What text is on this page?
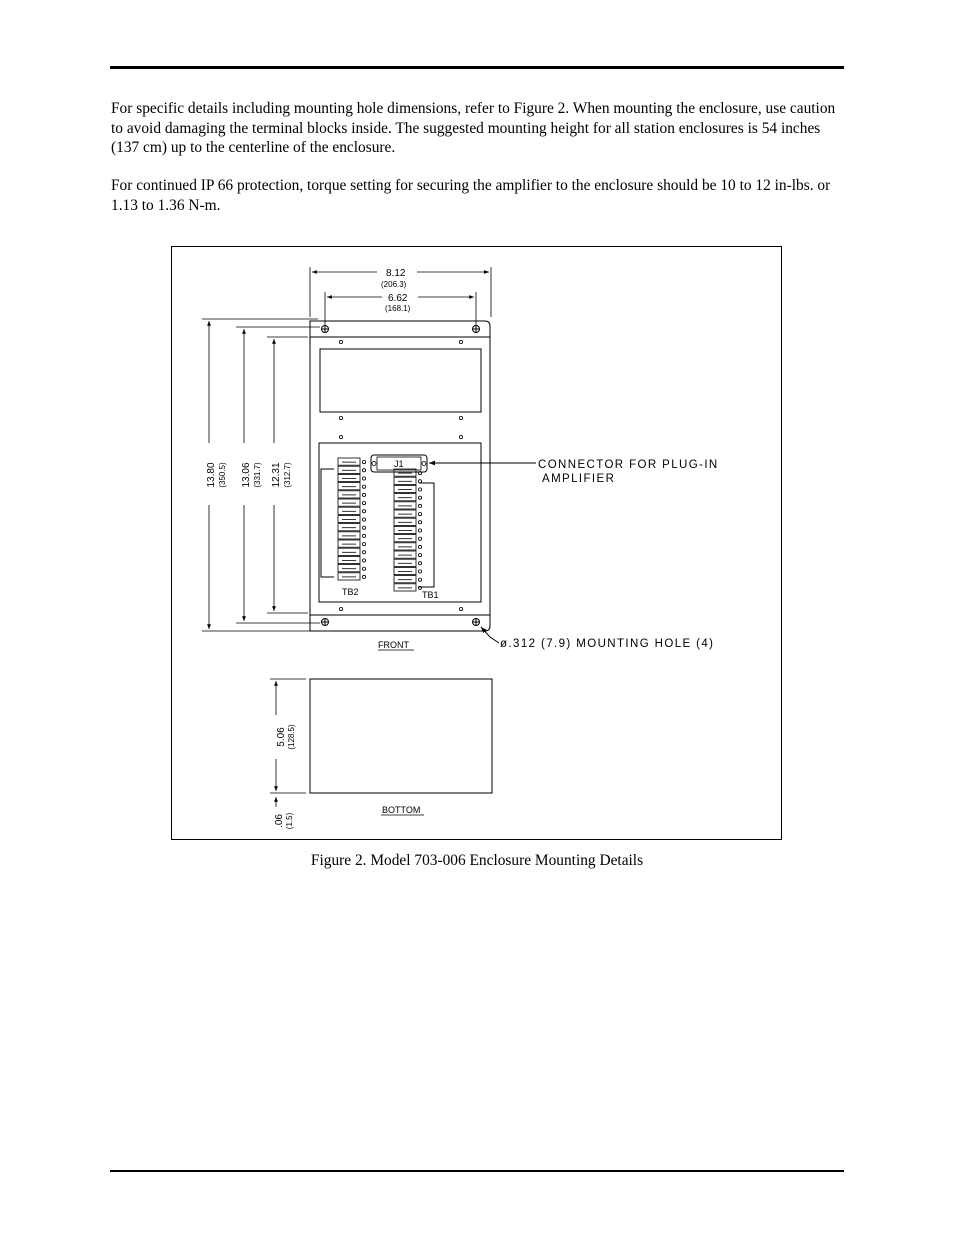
For specific details including mounting hole dimensions, refer to Figure 2. When mounting the enclosure, use caution to avoid damaging the terminal blocks inside. The suggested mounting height for all station enclosures is 54 inches (137 cm) up to the centerline of the enclosure.

For continued IP 66 protection, torque setting for securing the amplifier to the enclosure should be 10 to 12 in-lbs. or 1.13 to 1.36 N-m.

J1
TB2	TB1
CONNECTOR FOR PLUG-IN
AMPLIFIER
ø.312 (7.9) MOUNTING HOLE (4)
FRONT
8.12
(206.3)
6.62
(168.1)
13.80 (350.5) 13.06 (331.7) 12.31 (312.7)
5.06 (128.5)
.06 (1.5)
BOTTOM

Figure 2. Model 703-006 Enclosure Mounting Details
